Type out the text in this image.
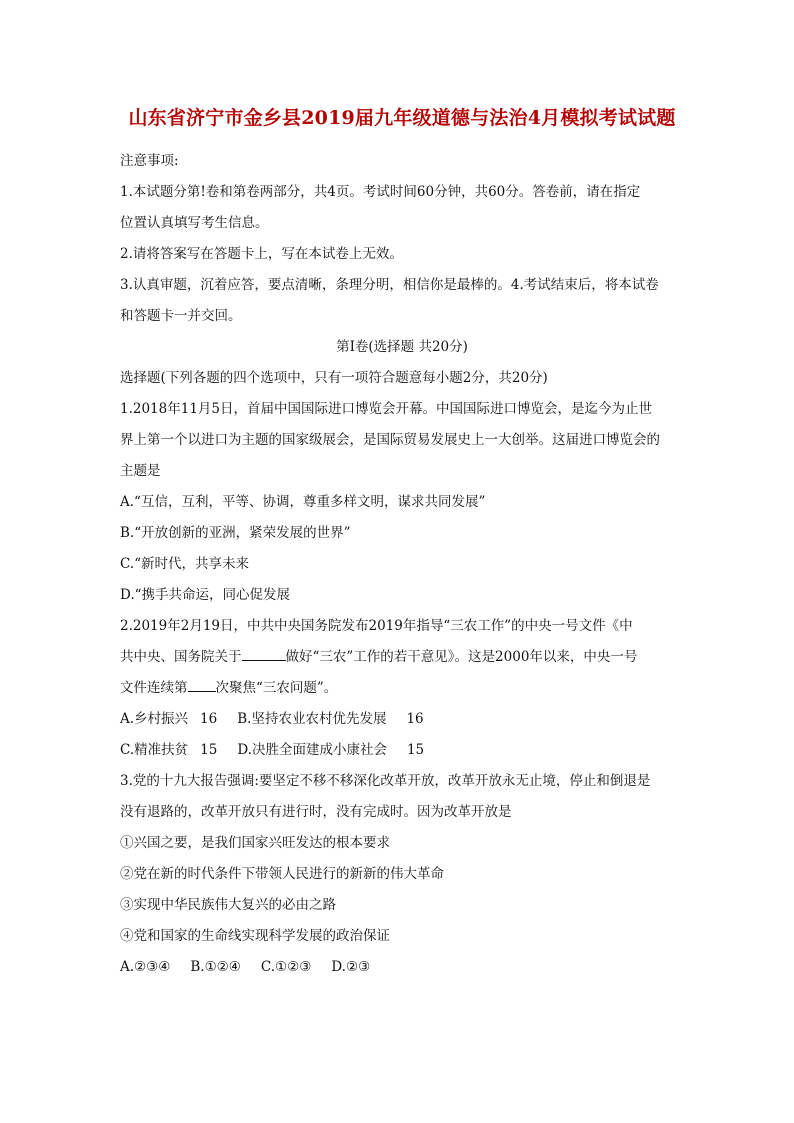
山东省济宁市金乡县2019届九年级道德与法治4月模拟考试试题

注意事项:

1.本试题分第!卷和第卷两部分，共4页。考试时间60分钟，共60分。答卷前，请在指定

位置认真填写考生信息。

2.请将答案写在答题卡上，写在本试卷上无效。

3.认真审题，沉着应答，要点清晰，条理分明，相信你是最棒的。4.考试结束后，将本试卷

和答题卡一并交回。

第Ⅰ卷(选择题 共20分)

选择题(下列各题的四个选项中，只有一项符合题意每小题2分，共20分)

1.2018年11月5日，首届中国国际进口博览会开幕。中国国际进口博览会，是迄今为止世

界上第一个以进口为主题的国家级展会，是国际贸易发展史上一大创举。这届进口博览会的

主题是

A.“互信，互利，平等、协调，尊重多样文明，谋求共同发展”

B.“开放创新的亚洲，紧荣发展的世界”

C.“新时代，共享未来

D.“携手共命运，同心促发展

2.2019年2月19日，中共中央国务院发布2019年指导“三农工作”的中央一号文件《中

共中央、国务院关于	做好“三农”工作的若干意见》。这是2000年以来，中央一号

文件连续第 次聚焦“三农问题”。

A.乡村振兴 16 B.坚持农业农村优先发展 16

C.精准扶贫 15 D.决胜全面建成小康社会 15

3.党的十九大报告强调:要坚定不移不移深化改革开放，改革开放永无止境，停止和倒退是

没有退路的，改革开放只有进行时，没有完成时。因为改革开放是

①兴国之要，是我们国家兴旺发达的根本要求

②党在新的时代条件下带领人民进行的新新的伟大革命

③实现中华民族伟大复兴的必由之路

④党和国家的生命线实现科学发展的政治保证

A.②③④ B.①②④ C.①②③ D.②③
